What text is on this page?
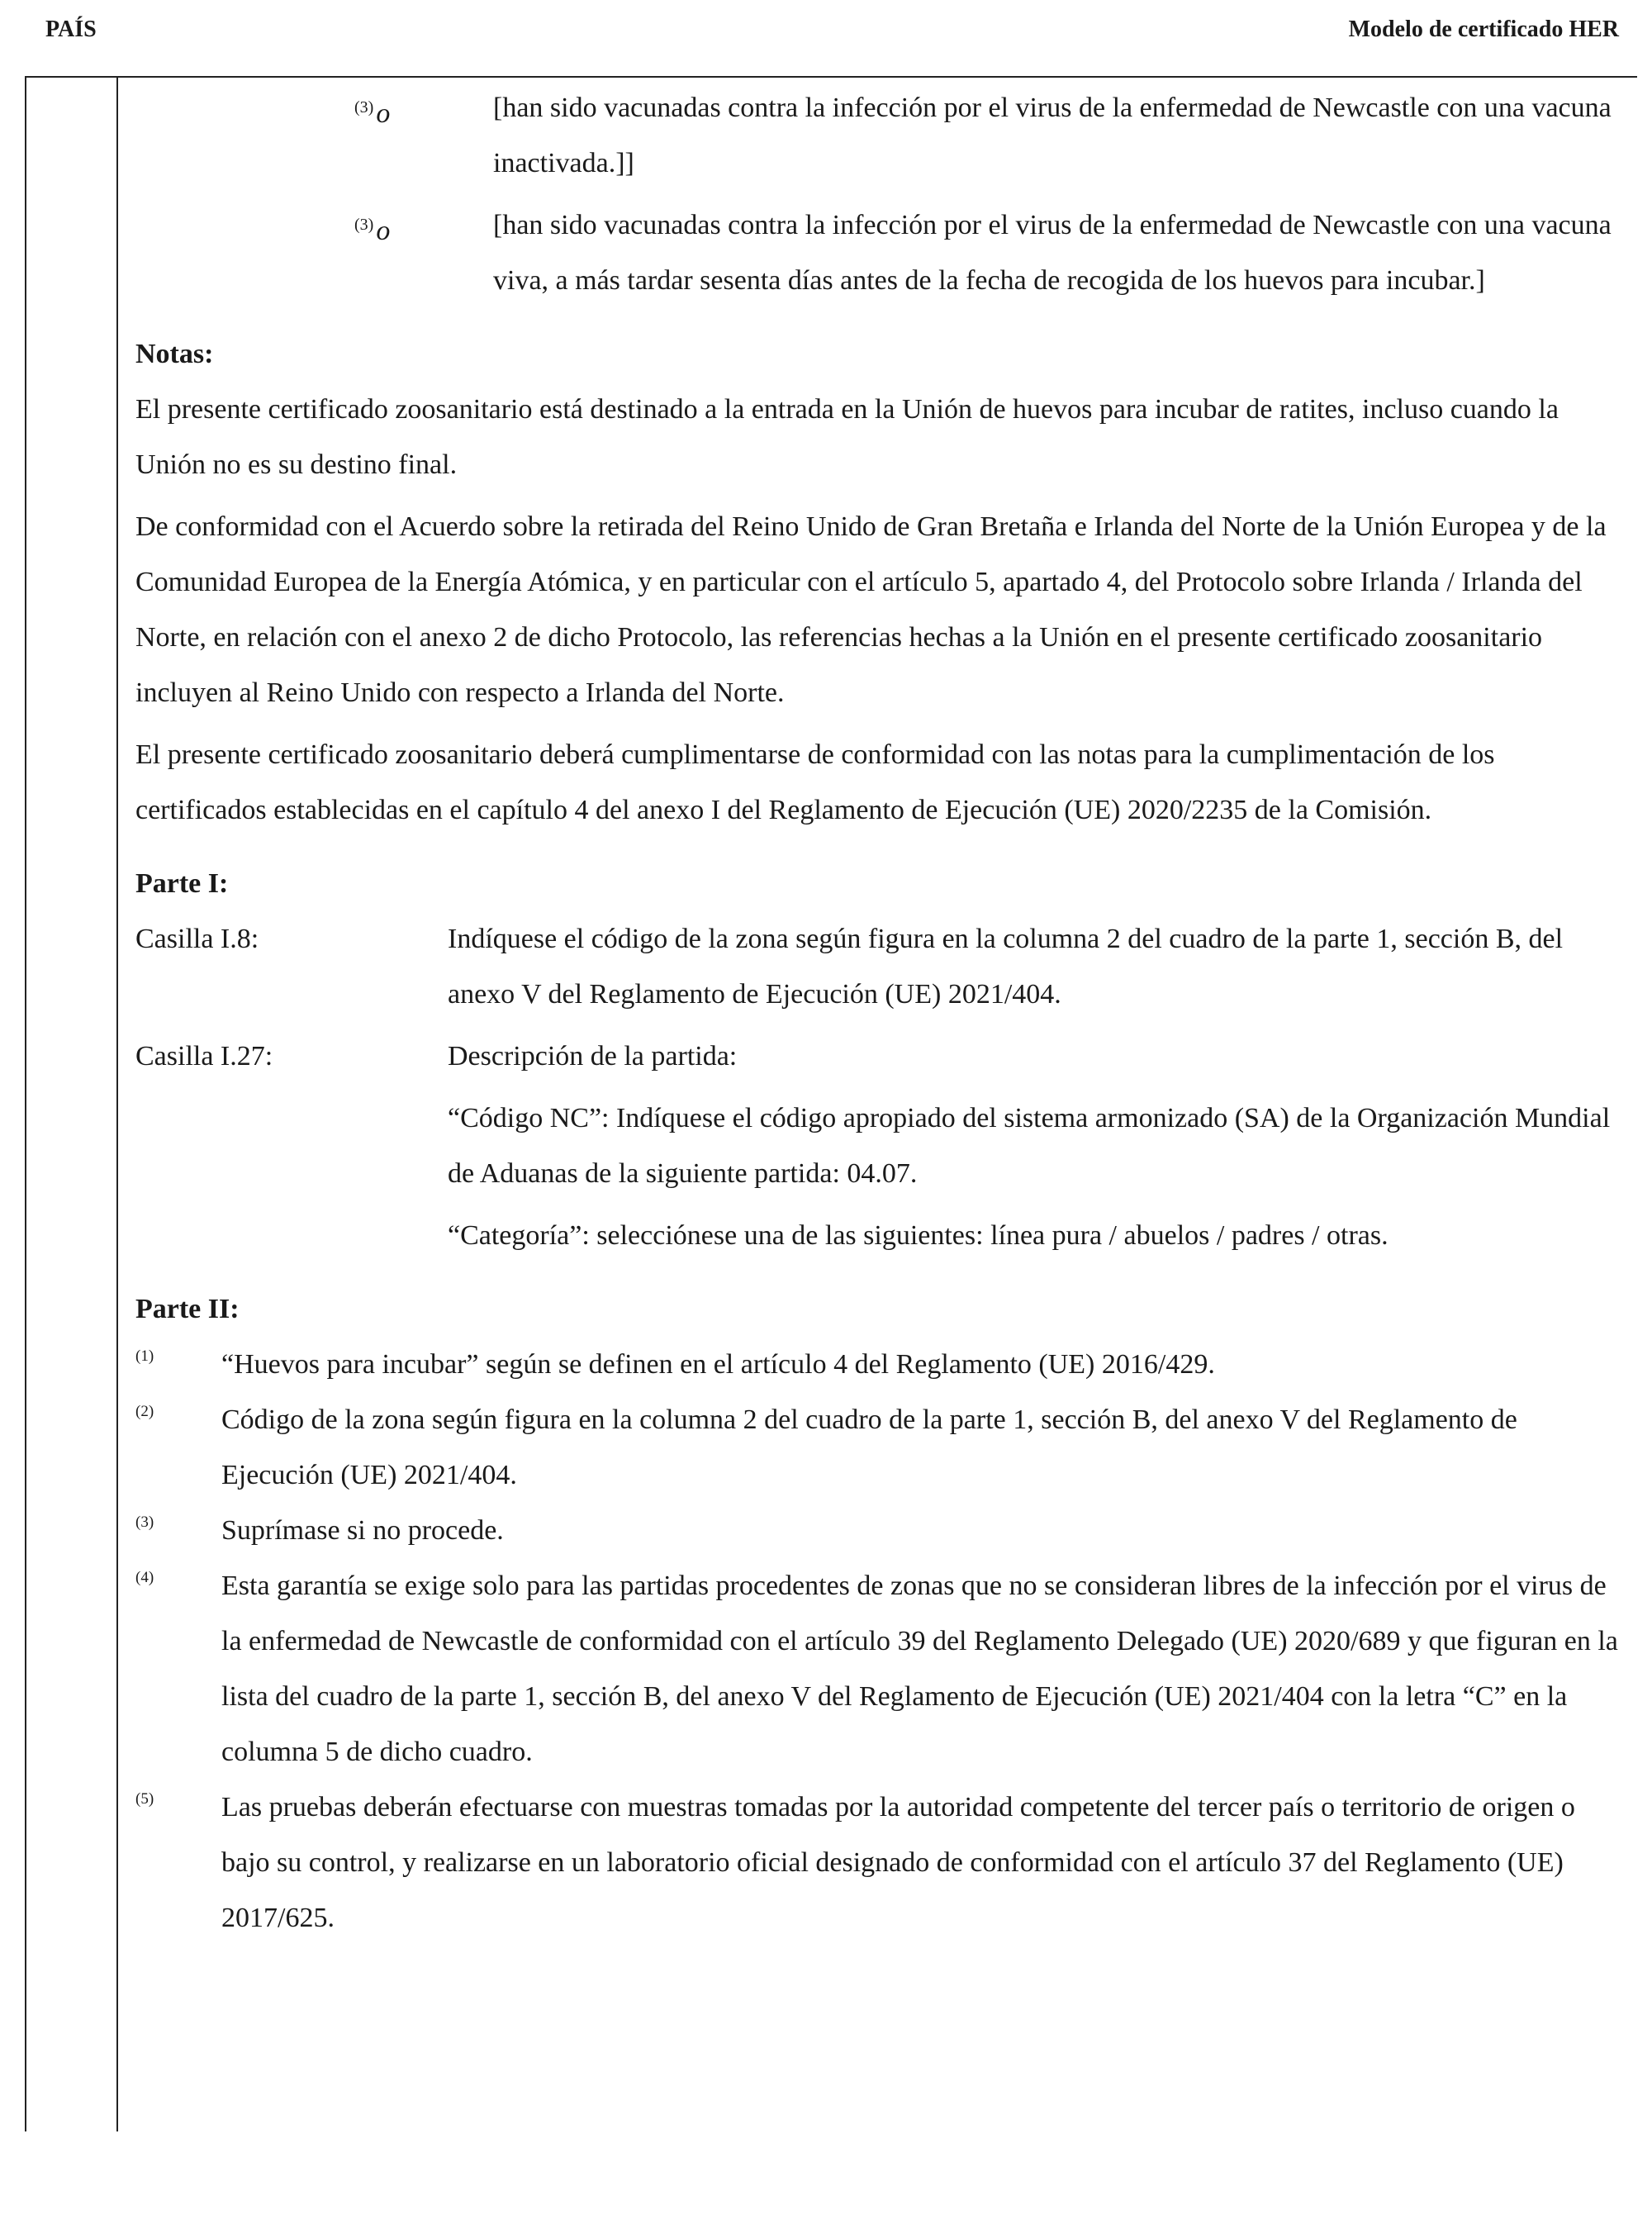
PAÍS	Modelo de certificado HER
$^{(3)}$o	[han sido vacunadas contra la infección por el virus de la enfermedad de Newcastle con una vacuna inactivada.]]

$^{(3)}$o	[han sido vacunadas contra la infección por el virus de la enfermedad de Newcastle con una vacuna viva, a más tardar sesenta días antes de la fecha de recogida de los huevos para incubar.]

Notas:

El presente certificado zoosanitario está destinado a la entrada en la Unión de huevos para incubar de ratites, incluso cuando la Unión no es su destino final.

De conformidad con el Acuerdo sobre la retirada del Reino Unido de Gran Bretaña e Irlanda del Norte de la Unión Europea y de la Comunidad Europea de la Energía Atómica, y en particular con el artículo 5, apartado 4, del Protocolo sobre Irlanda / Irlanda del Norte, en relación con el anexo 2 de dicho Protocolo, las referencias hechas a la Unión en el presente certificado zoosanitario incluyen al Reino Unido con respecto a Irlanda del Norte.

El presente certificado zoosanitario deberá cumplimentarse de conformidad con las notas para la cumplimentación de los certificados establecidas en el capítulo 4 del anexo I del Reglamento de Ejecución (UE) 2020/2235 de la Comisión.

Parte I:
Casilla I.8:	Indíquese el código de la zona según figura en la columna 2 del cuadro de la parte 1, sección B, del anexo V del Reglamento de Ejecución (UE) 2021/404.

Casilla I.27:	Descripción de la partida:

“Código NC”: Indíquese el código apropiado del sistema armonizado (SA) de la Organización Mundial de Aduanas de la siguiente partida: 04.07.

“Categoría”: selecciónese una de las siguientes: línea pura / abuelos / padres / otras.

Parte II:
(1)	“Huevos para incubar” según se definen en el artículo 4 del Reglamento (UE) 2016/429.

(2)	Código de la zona según figura en la columna 2 del cuadro de la parte 1, sección B, del anexo V del Reglamento de Ejecución (UE) 2021/404.

(3)	Suprímase si no procede.

(4)	Esta garantía se exige solo para las partidas procedentes de zonas que no se consideran libres de la infección por el virus de la enfermedad de Newcastle de conformidad con el artículo 39 del Reglamento Delegado (UE) 2020/689 y que figuran en la lista del cuadro de la parte 1, sección B, del anexo V del Reglamento de Ejecución (UE) 2021/404 con la letra “C” en la columna 5 de dicho cuadro.

(5)	Las pruebas deberán efectuarse con muestras tomadas por la autoridad competente del tercer país o territorio de origen o bajo su control, y realizarse en un laboratorio oficial designado de conformidad con el artículo 37 del Reglamento (UE) 2017/625.
